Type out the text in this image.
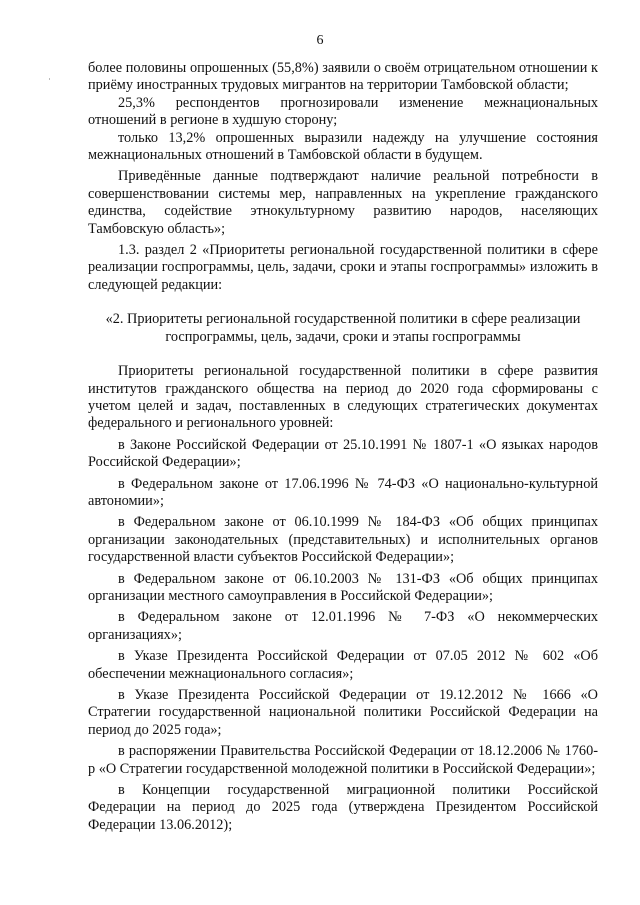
6

более половины опрошенных (55,8%) заявили о своём отрицательном отношении к приёму иностранных трудовых мигрантов на территории Тамбовской области;

25,3% респондентов прогнозировали изменение межнациональных отношений в регионе в худшую сторону;

только 13,2% опрошенных выразили надежду на улучшение состояния межнациональных отношений в Тамбовской области в будущем.

Приведённые данные подтверждают наличие реальной потребности в совершенствовании системы мер, направленных на укрепление гражданского единства, содействие этнокультурному развитию народов, населяющих Тамбовскую область»;

1.3. раздел 2 «Приоритеты региональной государственной политики в сфере реализации госпрограммы, цель, задачи, сроки и этапы госпрограммы» изложить в следующей редакции:

«2. Приоритеты региональной государственной политики в сфере реализации
госпрограммы, цель, задачи, сроки и этапы госпрограммы

Приоритеты региональной государственной политики в сфере развития институтов гражданского общества на период до 2020 года сформированы с учетом целей и задач, поставленных в следующих стратегических документах федерального и регионального уровней:

в Законе Российской Федерации от 25.10.1991 № 1807-1 «О языках народов Российской Федерации»;

в Федеральном законе от 17.06.1996 № 74-ФЗ «О национально-культурной автономии»;

в Федеральном законе от 06.10.1999 № 184-ФЗ «Об общих принципах организации законодательных (представительных) и исполнительных органов государственной власти субъектов Российской Федерации»;

в Федеральном законе от 06.10.2003 № 131-ФЗ «Об общих принципах организации местного самоуправления в Российской Федерации»;

в Федеральном законе от 12.01.1996 № 7-ФЗ «О некоммерческих организациях»;

в Указе Президента Российской Федерации от 07.05 2012 № 602 «Об обеспечении межнационального согласия»;

в Указе Президента Российской Федерации от 19.12.2012 № 1666 «О Стратегии государственной национальной политики Российской Федерации на период до 2025 года»;

в распоряжении Правительства Российской Федерации от 18.12.2006 № 1760-р «О Стратегии государственной молодежной политики в Российской Федерации»;

в Концепции государственной миграционной политики Российской Федерации на период до 2025 года (утверждена Президентом Российской Федерации 13.06.2012);
